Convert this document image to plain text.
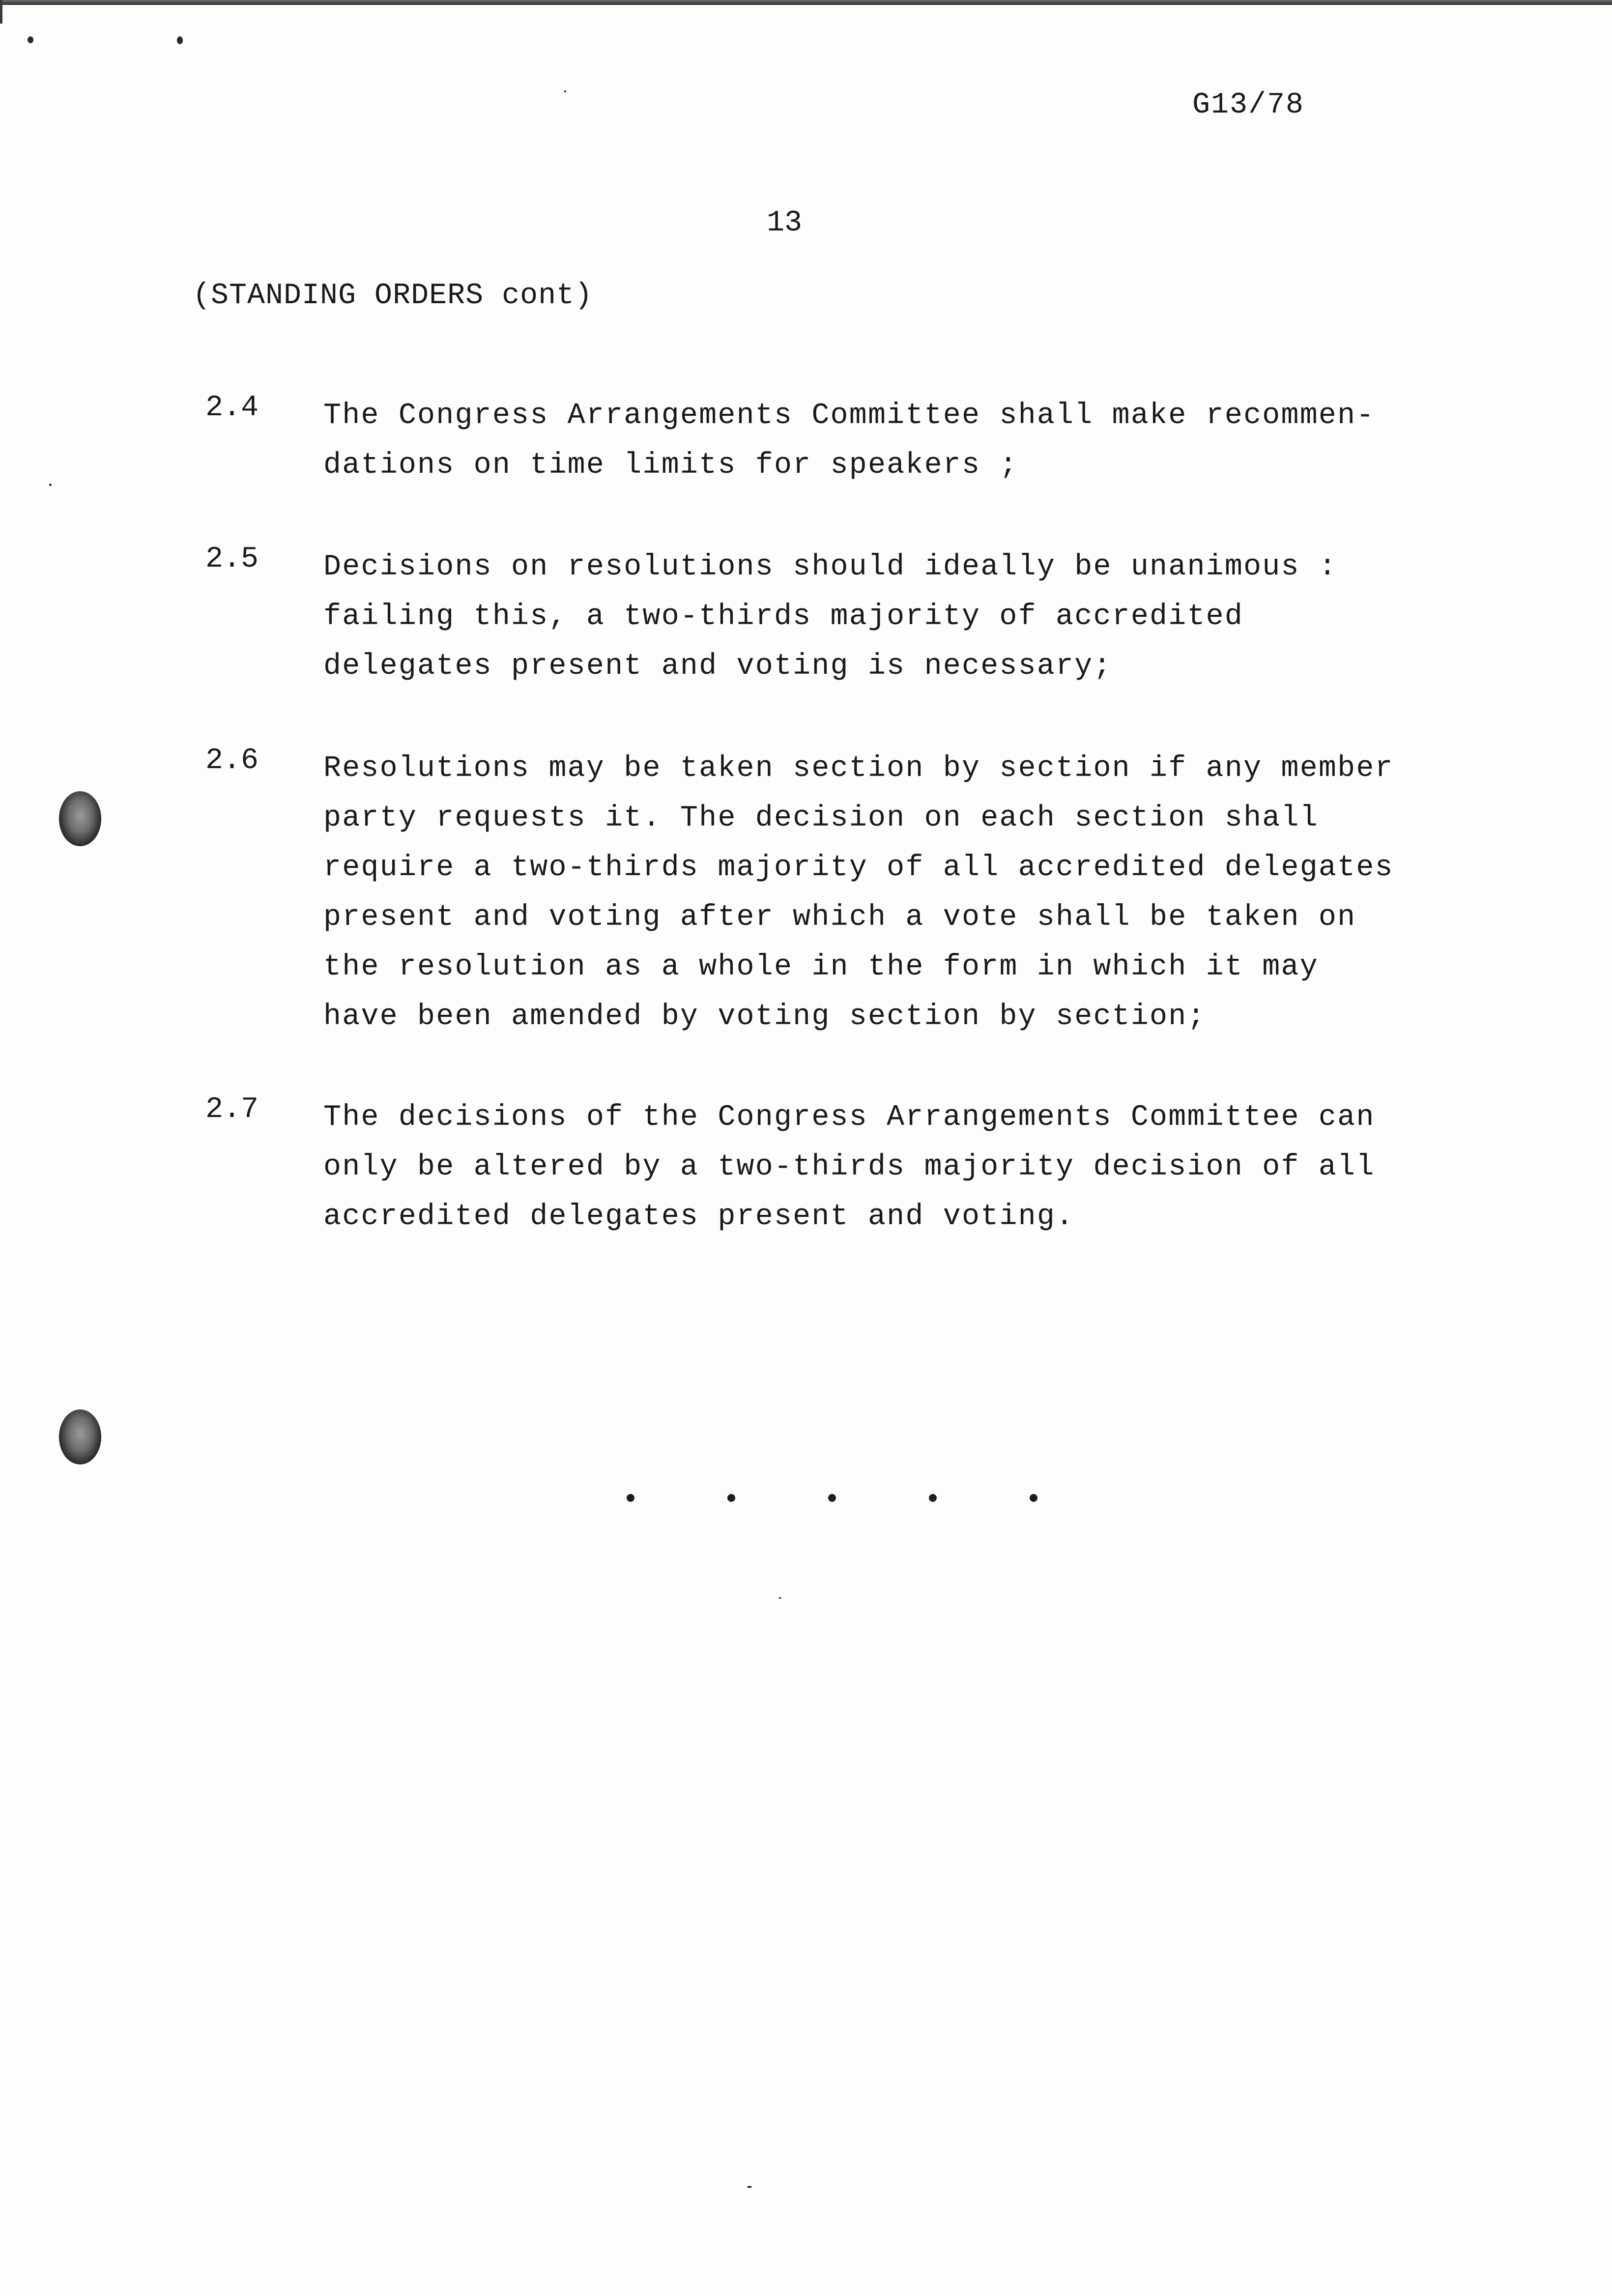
G13/78
13
(STANDING ORDERS cont)
2.4 The Congress Arrangements Committee shall make recommen-
dations on time limits for speakers ;

2.5 Decisions on resolutions should ideally be unanimous :
failing this, a two-thirds majority of accredited
delegates present and voting is necessary;

2.6 Resolutions may be taken section by section if any member
party requests it. The decision on each section shall
require a two-thirds majority of all accredited delegates
present and voting after which a vote shall be taken on
the resolution as a whole in the form in which it may
have been amended by voting section by section;

2.7 The decisions of the Congress Arrangements Committee can
only be altered by a two-thirds majority decision of all
accredited delegates present and voting.
